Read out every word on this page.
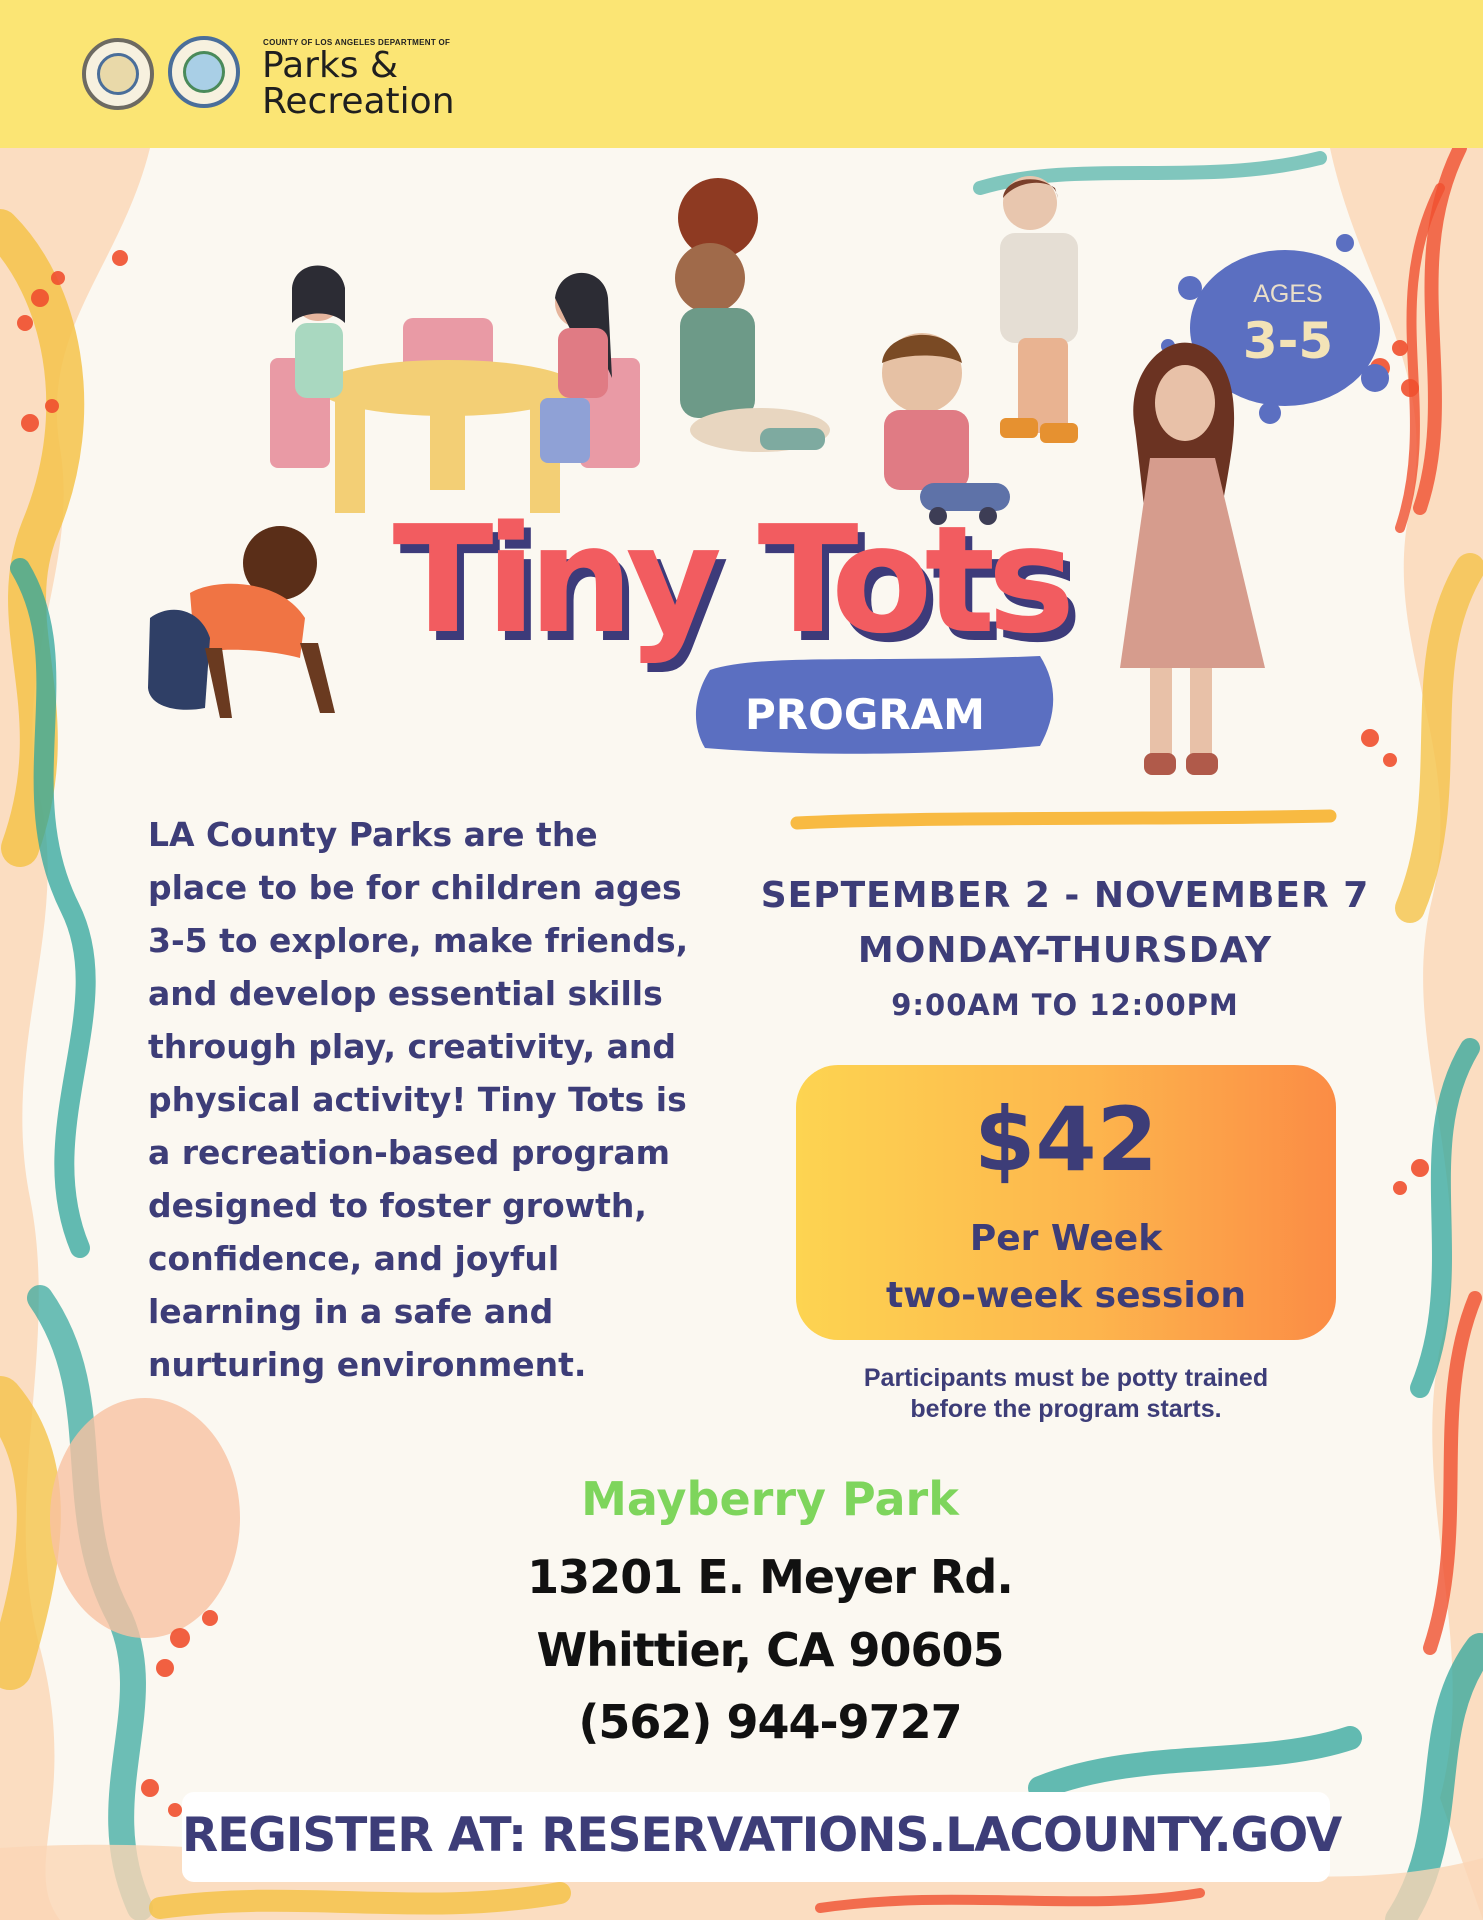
COUNTY OF LOS ANGELES DEPARTMENT OF
Parks &
Recreation
Tiny Tots
PROGRAM
AGES
3-5
LA County Parks are the
place to be for children ages
3-5 to explore, make friends,
and develop essential skills
through play, creativity, and
physical activity! Tiny Tots is
a recreation-based program
designed to foster growth,
confidence, and joyful
learning in a safe and
nurturing environment.
SEPTEMBER 2 - NOVEMBER 7
MONDAY-THURSDAY
9:00AM TO 12:00PM
$42
Per Week
two-week session
Participants must be potty trained
before the program starts.
Mayberry Park
13201 E. Meyer Rd.
Whittier, CA 90605
(562) 944-9727
REGISTER AT: RESERVATIONS.LACOUNTY.GOV
